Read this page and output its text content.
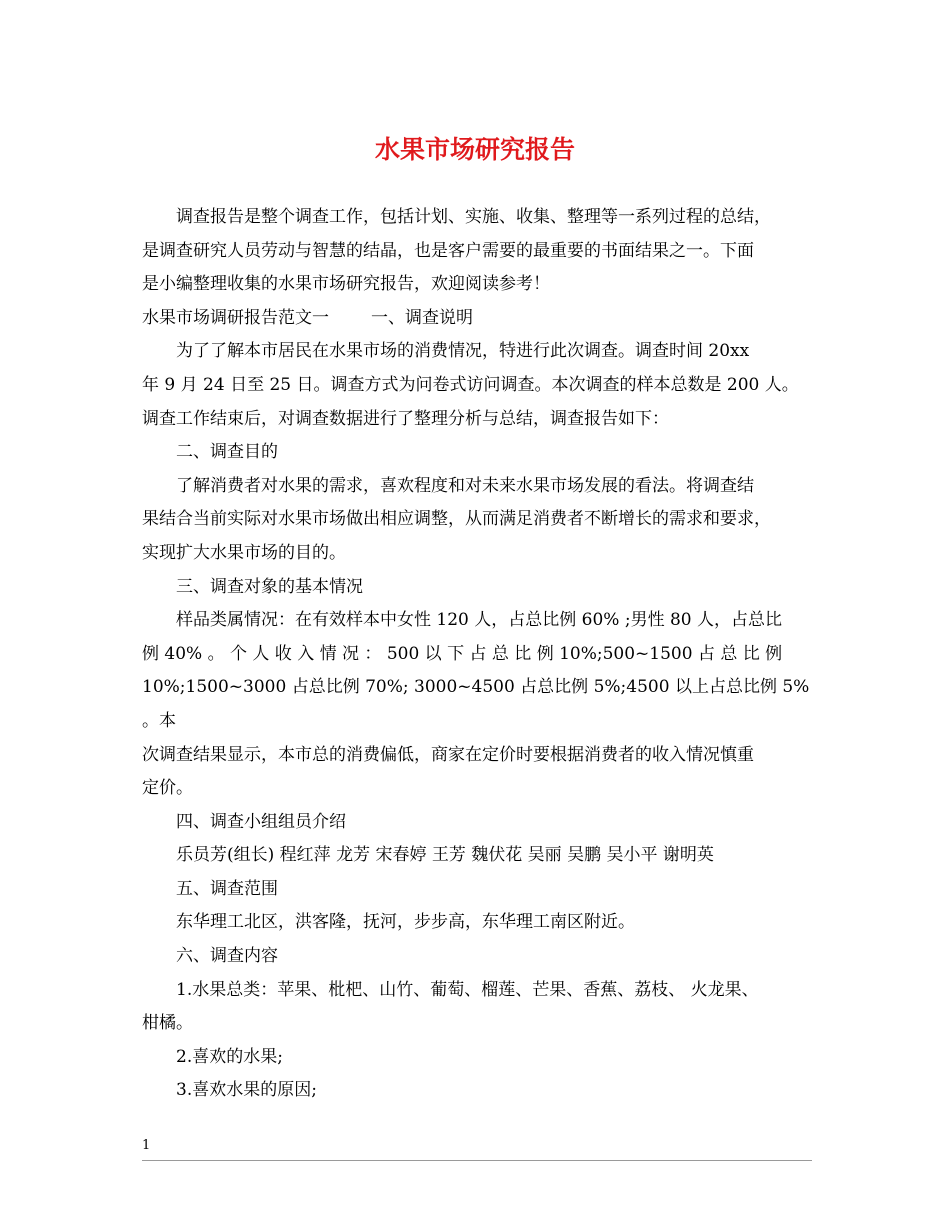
水果市场研究报告

调查报告是整个调查工作，包括计划、实施、收集、整理等一系列过程的总结，
是调查研究人员劳动与智慧的结晶，也是客户需要的最重要的书面结果之一。下面
是小编整理收集的水果市场研究报告，欢迎阅读参考！

水果市场调研报告范文一 一、调查说明

为了了解本市居民在水果市场的消费情况，特进行此次调查。调查时间 20xx
年 9 月 24 日至 25 日。调查方式为问卷式访问调查。本次调查的样本总数是 200 人。
调查工作结束后，对调查数据进行了整理分析与总结，调查报告如下：

二、调查目的

了解消费者对水果的需求，喜欢程度和对未来水果市场发展的看法。将调查结
果结合当前实际对水果市场做出相应调整，从而满足消费者不断增长的需求和要求，
实现扩大水果市场的目的。

三、调查对象的基本情况

样品类属情况：在有效样本中女性 120 人，占总比例 60% ;男性 80 人，占总比
例 40% 。 个 人 收 入 情 况 ： 500 以 下 占 总 比 例 10%;500~1500 占 总 比 例
10%;1500~3000 占总比例 70%; 3000~4500 占总比例 5%;4500 以上占总比例 5% 。本
次调查结果显示，本市总的消费偏低，商家在定价时要根据消费者的收入情况慎重
定价。

四、调查小组组员介绍

乐员芳(组长) 程红萍 龙芳 宋春婷 王芳 魏伏花 吴丽 吴鹏 吴小平 谢明英

五、调查范围

东华理工北区，洪客隆，抚河，步步高，东华理工南区附近。

六、调查内容

1.水果总类：苹果、枇杷、山竹、葡萄、榴莲、芒果、香蕉、荔枝、 火龙果、
柑橘。

2.喜欢的水果;

3.喜欢水果的原因;

1
